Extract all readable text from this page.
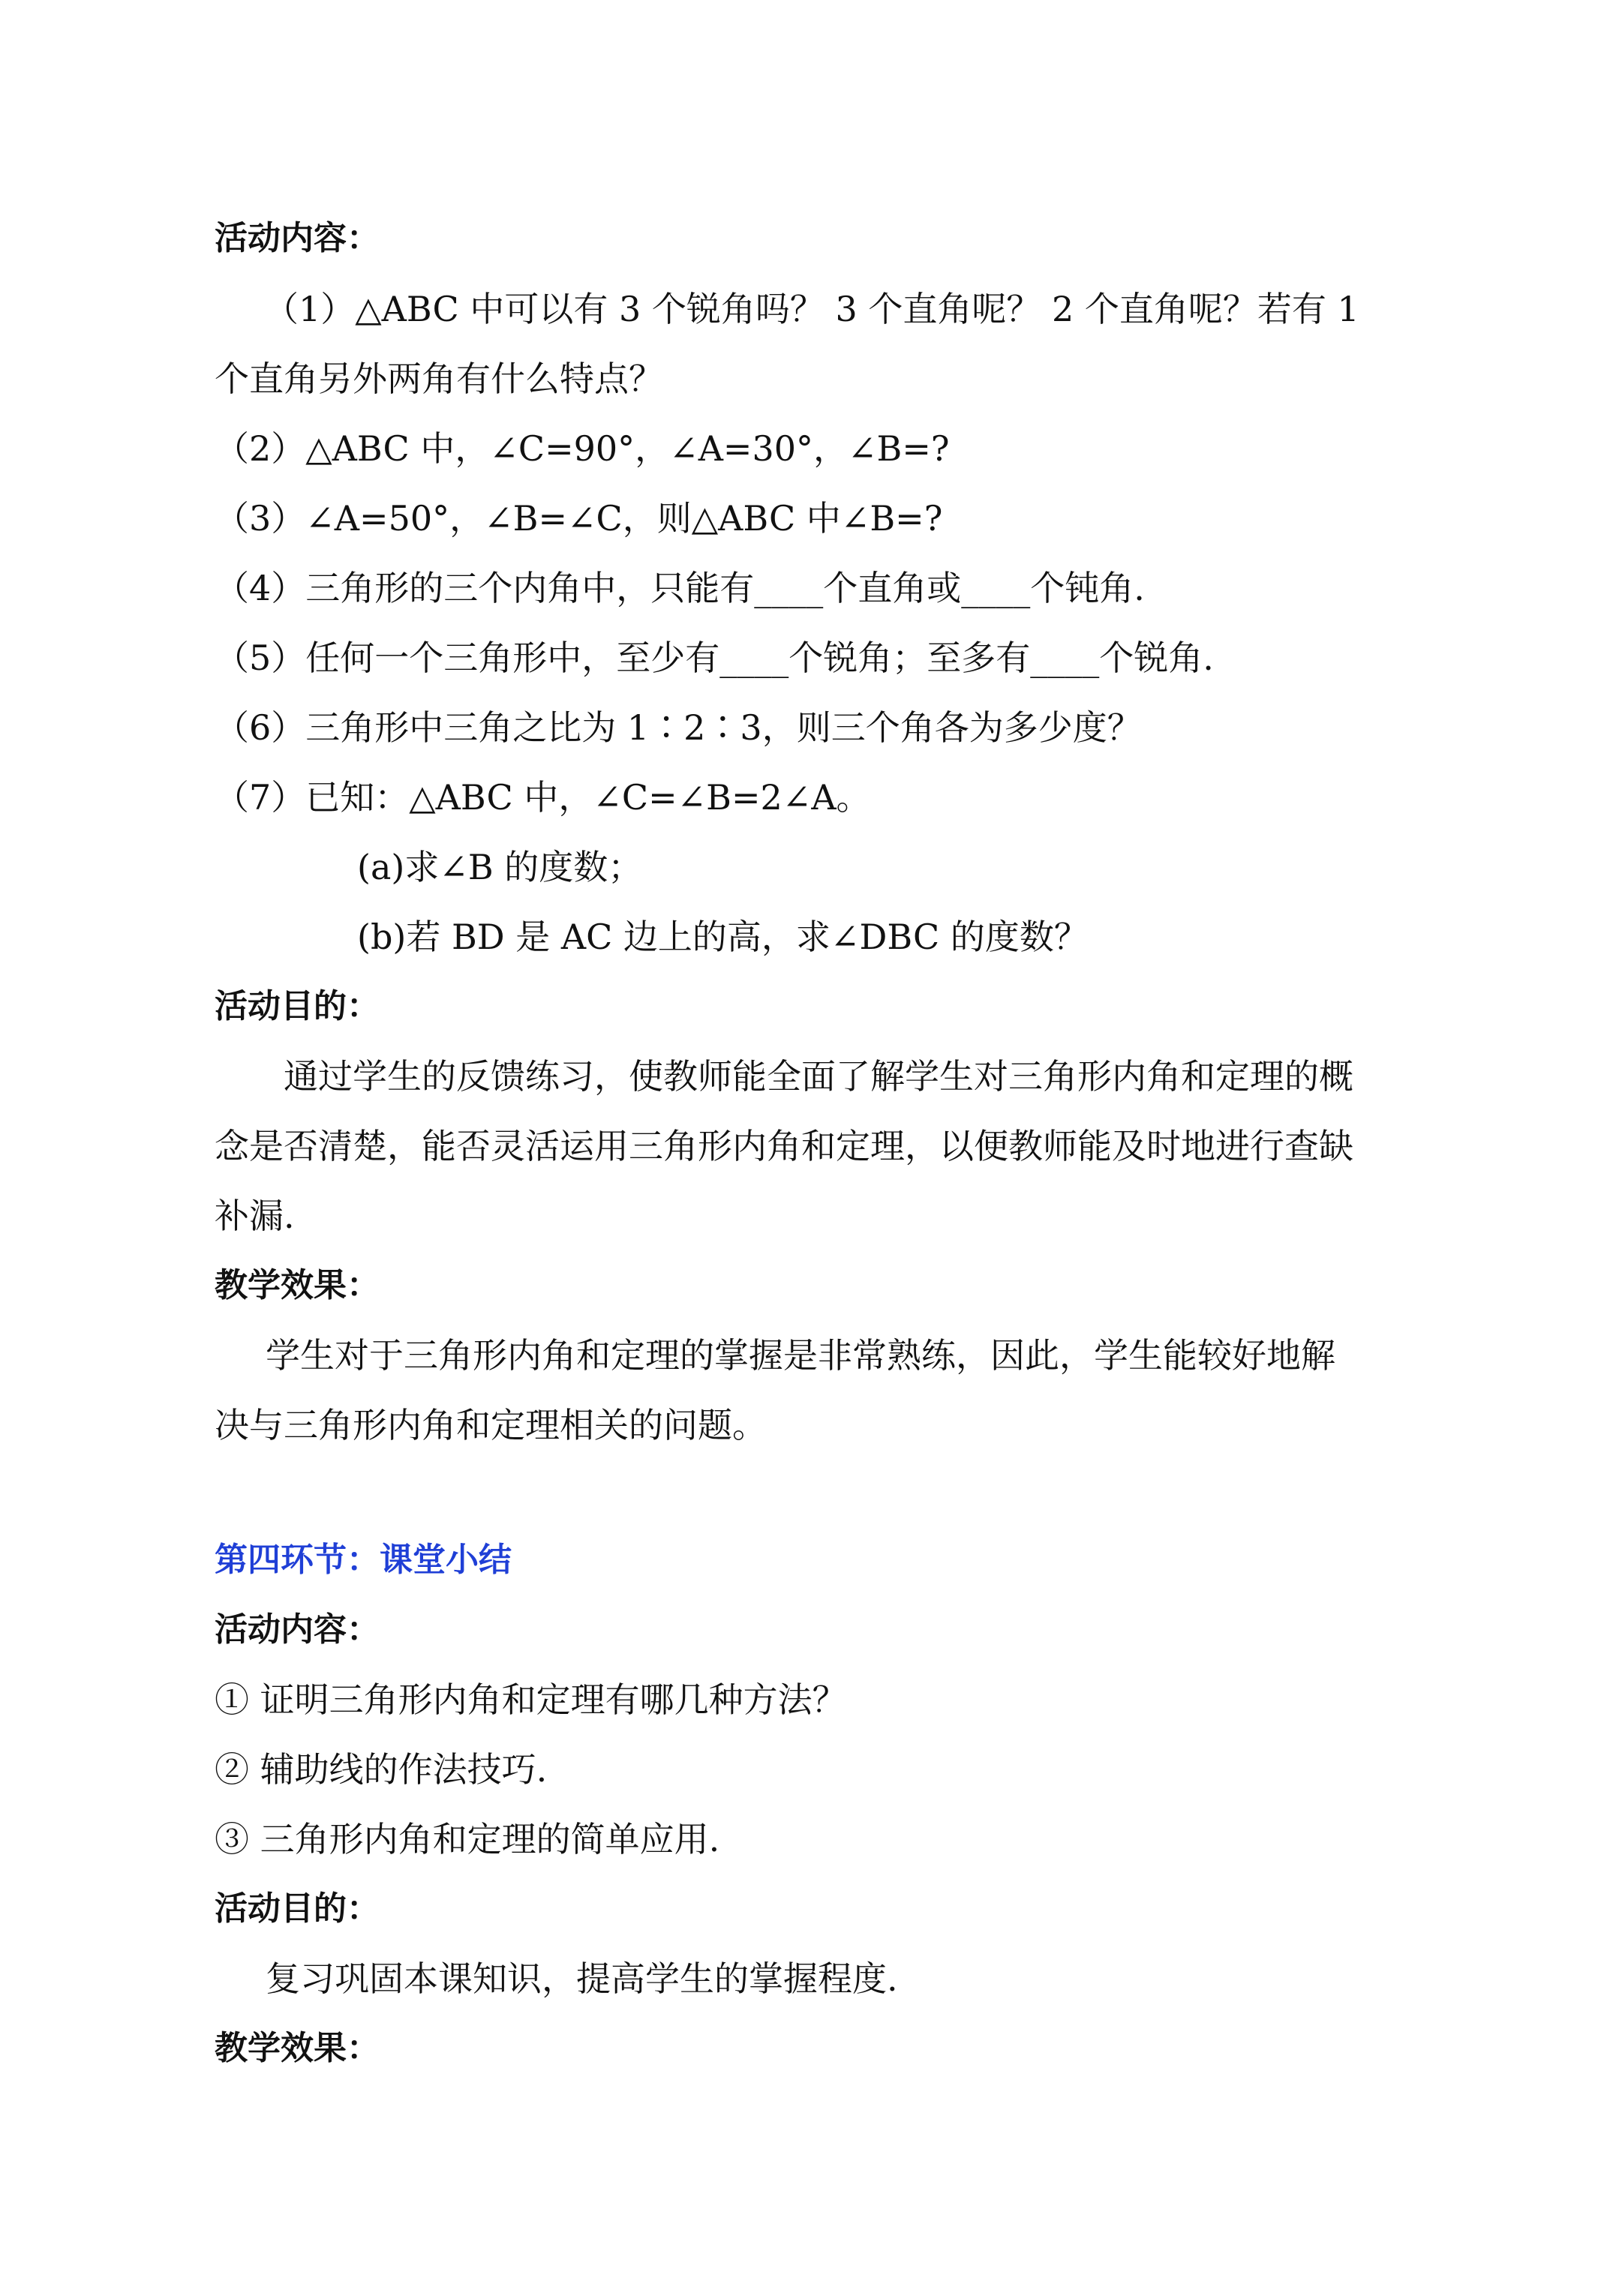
活动内容：
（1）△ABC 中可以有 3 个锐角吗？ 3 个直角呢？ 2 个直角呢？若有 1
个直角另外两角有什么特点？
（2）△ABC 中，∠C=90°，∠A=30°，∠B=?
（3）∠A=50°，∠B=∠C，则△ABC 中∠B=?
（4）三角形的三个内角中，只能有____个直角或____个钝角.
（5）任何一个三角形中，至少有____个锐角；至多有____个锐角.
（6）三角形中三角之比为 1∶2∶3，则三个角各为多少度？
（7）已知：△ABC 中，∠C=∠B=2∠A。
(a)求∠B 的度数；
(b)若 BD 是 AC 边上的高，求∠DBC 的度数？
活动目的：
通过学生的反馈练习，使教师能全面了解学生对三角形内角和定理的概
念是否清楚，能否灵活运用三角形内角和定理，以便教师能及时地进行查缺
补漏.
教学效果：
学生对于三角形内角和定理的掌握是非常熟练，因此，学生能较好地解
决与三角形内角和定理相关的问题。
第四环节：课堂小结
活动内容：
① 证明三角形内角和定理有哪几种方法？
② 辅助线的作法技巧.
③ 三角形内角和定理的简单应用.
活动目的：
复习巩固本课知识，提高学生的掌握程度.
教学效果：
